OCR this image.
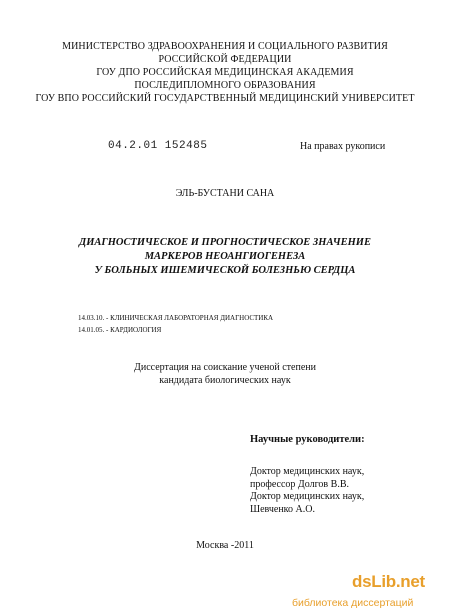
МИНИСТЕРСТВО ЗДРАВООХРАНЕНИЯ И СОЦИАЛЬНОГО РАЗВИТИЯ
РОССИЙСКОЙ ФЕДЕРАЦИИ
ГОУ ДПО РОССИЙСКАЯ МЕДИЦИНСКАЯ АКАДЕМИЯ
ПОСЛЕДИПЛОМНОГО ОБРАЗОВАНИЯ
ГОУ ВПО РОССИЙСКИЙ ГОСУДАРСТВЕННЫЙ МЕДИЦИНСКИЙ УНИВЕРСИТЕТ
04.2.01 152485	На правах рукописи
ЭЛЬ-БУСТАНИ САНА
ДИАГНОСТИЧЕСКОЕ И ПРОГНОСТИЧЕСКОЕ ЗНАЧЕНИЕ
МАРКЕРОВ НЕОАНГИОГЕНЕЗА
У БОЛЬНЫХ ИШЕМИЧЕСКОЙ БОЛЕЗНЬЮ СЕРДЦА
14.03.10. - КЛИНИЧЕСКАЯ ЛАБОРАТОРНАЯ ДИАГНОСТИКА
14.01.05. - КАРДИОЛОГИЯ
Диссертация на соискание ученой степени
кандидата биологических наук
Научные руководители:
Доктор медицинских наук,
профессор Долгов В.В.
Доктор медицинских наук,
Шевченко А.О.
Москва -2011
dsLib.net
библиотека диссертаций
